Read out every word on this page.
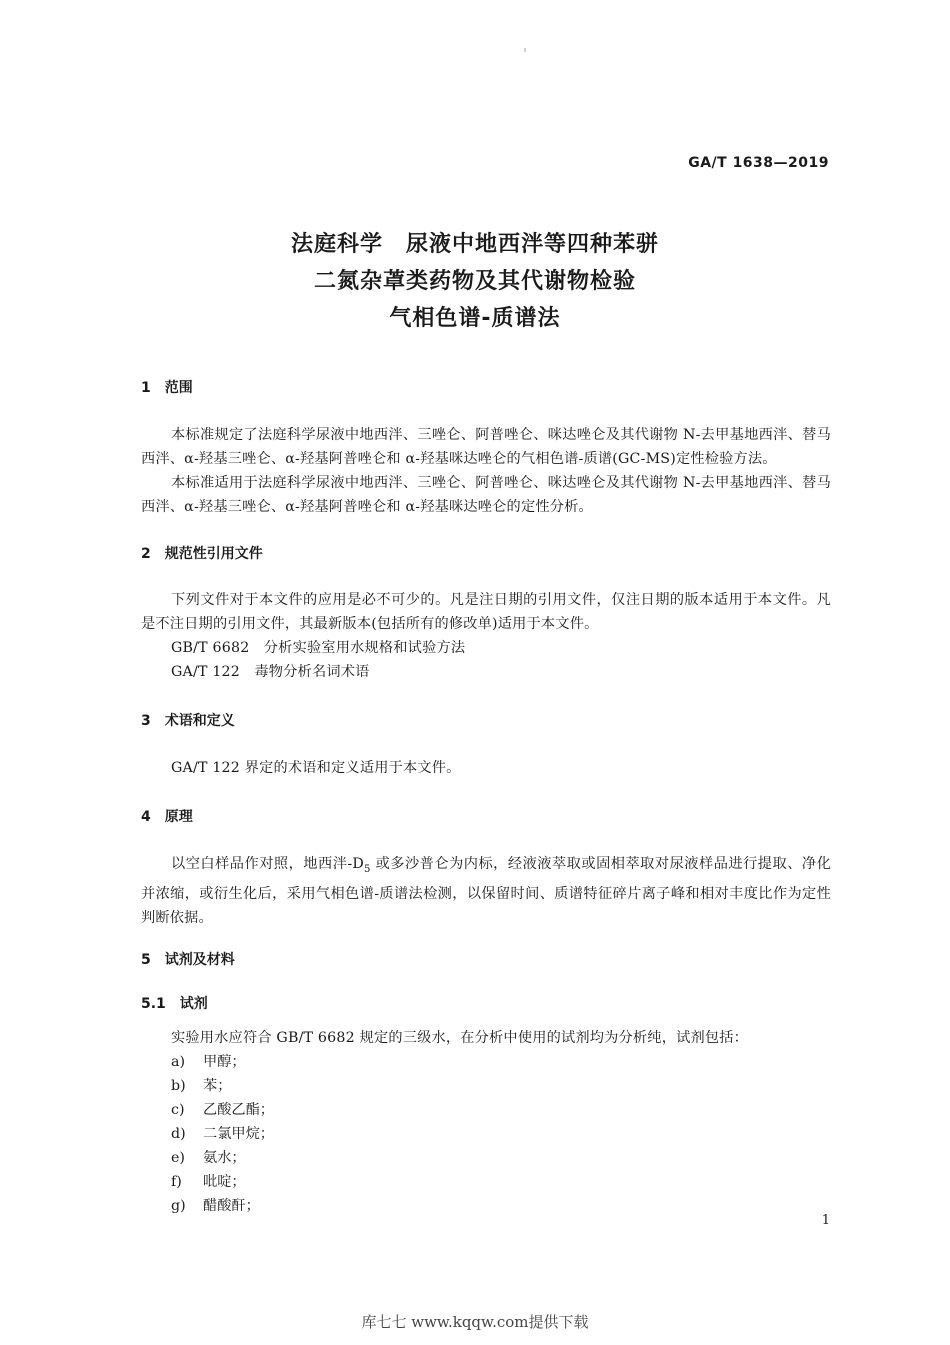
GA/T 1638—2019
法庭科学　尿液中地西泮等四种苯骈
二氮杂䓬类药物及其代谢物检验
气相色谱-质谱法
1　范围
本标准规定了法庭科学尿液中地西泮、三唑仑、阿普唑仑、咪达唑仑及其代谢物 N-去甲基地西泮、替马西泮、α-羟基三唑仑、α-羟基阿普唑仑和 α-羟基咪达唑仑的气相色谱-质谱(GC-MS)定性检验方法。
本标准适用于法庭科学尿液中地西泮、三唑仑、阿普唑仑、咪达唑仑及其代谢物 N-去甲基地西泮、替马西泮、α-羟基三唑仑、α-羟基阿普唑仑和 α-羟基咪达唑仑的定性分析。
2　规范性引用文件
下列文件对于本文件的应用是必不可少的。凡是注日期的引用文件，仅注日期的版本适用于本文件。凡是不注日期的引用文件，其最新版本(包括所有的修改单)适用于本文件。
GB/T 6682　分析实验室用水规格和试验方法
GA/T 122　毒物分析名词术语
3　术语和定义
GA/T 122 界定的术语和定义适用于本文件。
4　原理
以空白样品作对照，地西泮$-D_5$ 或多沙普仑为内标，经液液萃取或固相萃取对尿液样品进行提取、净化并浓缩，或衍生化后，采用气相色谱-质谱法检测，以保留时间、质谱特征碎片离子峰和相对丰度比作为定性判断依据。
5　试剂及材料
5.1　试剂
实验用水应符合 GB/T 6682 规定的三级水，在分析中使用的试剂均为分析纯，试剂包括：
a) 甲醇；
b) 苯；
c) 乙酸乙酯；
d) 二氯甲烷；
e) 氨水；
f) 吡啶；
g) 醋酸酐；
1
库七七 www.kqqw.com提供下载
